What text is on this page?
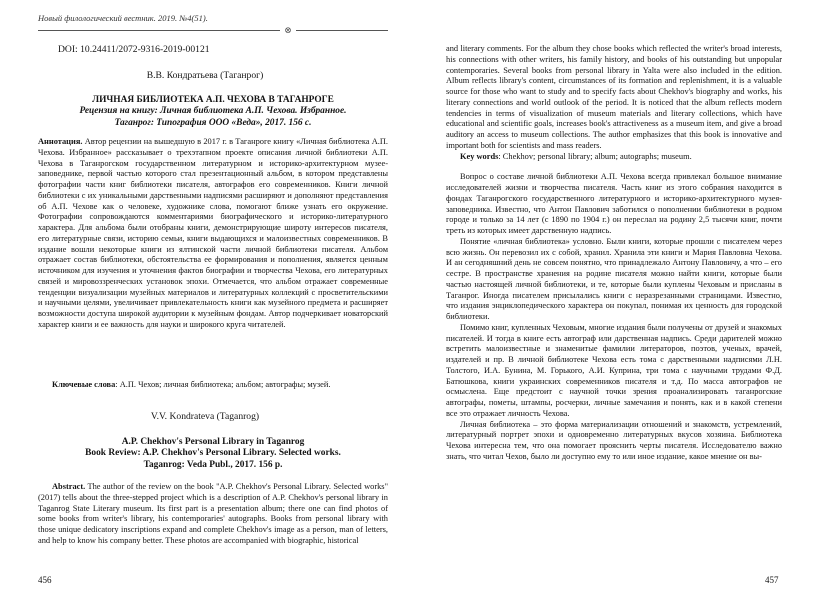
Новый филологический вестник. 2019. №4(51).
⊗

DOI: 10.24411/2072-9316-2019-00121

В.В. Кондратьева (Таганрог)

ЛИЧНАЯ БИБЛИОТЕКА А.П. ЧЕХОВА В ТАГАНРОГЕ
Рецензия на книгу: Личная библиотека А.П. Чехова. Избранное.
Таганрог: Типография ООО «Веда», 2017. 156 с.

Аннотация. Автор рецензии на вышедшую в 2017 г. в Таганроге книгу «Личная библиотека А.П. Чехова. Избранное» рассказывает о трехэтапном проекте описания личной библиотеки А.П. Чехова в Таганрогском государственном литературном и историко-архитектурном музее-заповеднике, первой частью которого стал презентационный альбом, в котором представлены фотографии части книг библиотеки писателя, автографов его современников. Книги личной библиотеки с их уникальными дарственными надписями расширяют и дополняют представления об А.П. Чехове как о человеке, художнике слова, помогают ближе узнать его окружение. Фотографии сопровождаются комментариями биографического и историко-литературного характера. Для альбома были отобраны книги, демонстрирующие широту интересов писателя, его литературные связи, историю семьи, книги выдающихся и малоизвестных современников. В издание вошли некоторые книги из ялтинской части личной библиотеки писателя. Альбом отражает состав библиотеки, обстоятельства ее формирования и пополнения, является ценным источником для изучения и уточнения фактов биографии и творчества Чехова, его литературных связей и мировоззренческих установок эпохи. Отмечается, что альбом отражает современные тенденции визуализации музейных материалов и литературных коллекций с просветительскими и научными целями, увеличивает привлекательность книги как музейного предмета и расширяет возможности доступа широкой аудитории к музейным фондам. Автор подчеркивает новаторский характер книги и ее важность для науки и широкого круга читателей.

Ключевые слова: А.П. Чехов; личная библиотека; альбом; автографы; музей.

V.V. Kondrateva (Taganrog)

A.P. Chekhov's Personal Library in Taganrog
Book Review: A.P. Chekhov's Personal Library. Selected works.
Taganrog: Veda Publ., 2017. 156 p.

Abstract. The author of the review on the book "A.P. Chekhov's Personal Library. Selected works" (2017) tells about the three-stepped project which is a description of A.P. Chekhov's personal library in Taganrog State Literary museum. Its first part is a presentation album; there one can find photos of some books from writer's library, his contemporaries' autographs. Books from personal library with those unique dedicatory inscriptions expand and complete Chekhov's image as a person, man of letters, and help to know his company better. These photos are accompanied with biographic, historical

456

and literary comments. For the album they chose books which reflected the writer's broad interests, his connections with other writers, his family history, and books of his outstanding but unpopular contemporaries. Several books from personal library in Yalta were also included in the edition. Album reflects library's content, circumstances of its formation and replenishment, it is a valuable source for those who want to study and to specify facts about Chekhov's biography and works, his literary connections and world outlook of the period. It is noticed that the album reflects modern tendencies in terms of visualization of museum materials and literary collections, which have educational and scientific goals, increases book's attractiveness as a museum item, and give a broad auditory an access to museum collections. The author emphasizes that this book is innovative and important both for scientists and mass readers.

Key words: Chekhov; personal library; album; autographs; museum.

Вопрос о составе личной библиотеки А.П. Чехова всегда привлекал большое внимание исследователей жизни и творчества писателя. Часть книг из этого собрания находится в фондах Таганрогского государственного литературного и историко-архитектурного музея-заповедника. Известно, что Антон Павлович заботился о пополнении библиотеки в родном городе и только за 14 лет (с 1890 по 1904 г.) он переслал на родину 2,5 тысячи книг, почти треть из которых имеет дарственную надпись.

Понятие «личная библиотека» условно. Были книги, которые прошли с писателем через всю жизнь. Он перевозил их с собой, хранил. Хранила эти книги и Мария Павловна Чехова. И ан сегодняшний день не совсем понятно, что принадлежало Антону Павловичу, а что – его сестре. В пространстве хранения на родине писателя можно найти книги, которые были частью настоящей личной библиотеки, и те, которые были куплены Чеховым и присланы в Таганрог. Иногда писателем присылались книги с неразрезанными страницами. Известно, что издания энциклопедического характера он покупал, понимая их ценность для городской библиотеки.

Помимо книг, купленных Чеховым, многие издания были получены от друзей и знакомых писателей. И тогда в книге есть автограф или дарственная надпись. Среди дарителей можно встретить малоизвестные и знаменитые фамилии литераторов, поэтов, ученых, врачей, издателей и пр. В личной библиотеке Чехова есть тома с дарственными надписями Л.Н. Толстого, И.А. Бунина, М. Горького, А.И. Куприна, три тома с научными трудами Ф.Д. Батюшкова, книги украинских современников писателя и т.д. По масса автографов не осмыслена. Еще предстоит с научной точки зрения проанализировать таганрогские автографы, пометы, штампы, росчерки, личные замечания и понять, как и в какой степени все это отражает личность Чехова.

Личная библиотека – это форма материализации отношений и знакомств, устремлений, литературный портрет эпохи и одновременно литературных вкусов хозяина. Библиотека Чехова интересна тем, что она помогает прояснить черты писателя. Исследователю важно знать, что читал Чехов, было ли доступно ему то или иное издание, какое мнение он вы-

457
